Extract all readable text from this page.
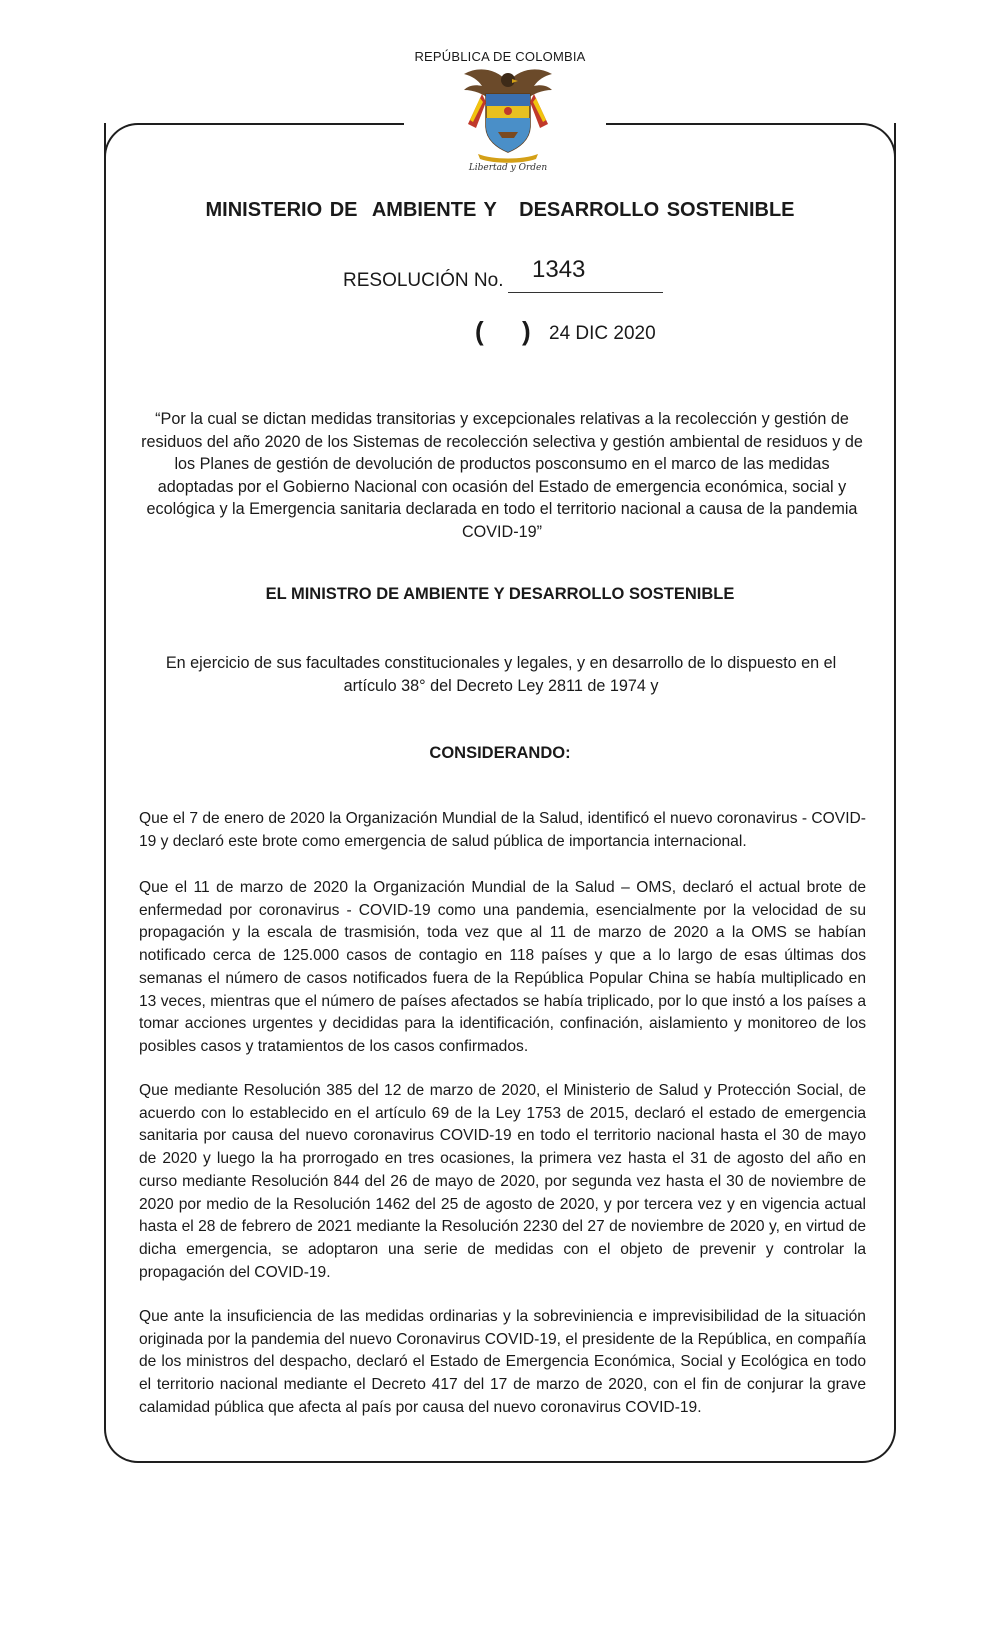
REPÚBLICA DE COLOMBIA
Libertad y Orden
MINISTERIO DE  AMBIENTE Y   DESARROLLO SOSTENIBLE
RESOLUCIÓN No. 1343
( ) 24 DIC 2020
“Por la cual se dictan medidas transitorias y excepcionales relativas a la recolección y gestión de residuos del año 2020 de los Sistemas de recolección selectiva y gestión ambiental de residuos y de los Planes de gestión de devolución de productos posconsumo en el marco de las medidas adoptadas por el Gobierno Nacional con ocasión del Estado de emergencia económica, social y ecológica y la Emergencia sanitaria declarada en todo el territorio nacional a causa de la pandemia COVID-19”
EL MINISTRO DE AMBIENTE Y DESARROLLO SOSTENIBLE
En ejercicio de sus facultades constitucionales y legales, y en desarrollo de lo dispuesto en el artículo 38° del Decreto Ley 2811 de 1974 y
CONSIDERANDO:
Que el 7 de enero de 2020 la Organización Mundial de la Salud, identificó el nuevo coronavirus - COVID-19 y declaró este brote como emergencia de salud pública de importancia internacional.
Que el 11 de marzo de 2020 la Organización Mundial de la Salud – OMS, declaró el actual brote de enfermedad por coronavirus - COVID-19 como una pandemia, esencialmente por la velocidad de su propagación y la escala de trasmisión, toda vez que al 11 de marzo de 2020 a la OMS se habían notificado cerca de 125.000 casos de contagio en 118 países y que a lo largo de esas últimas dos semanas el número de casos notificados fuera de la República Popular China se había multiplicado en 13 veces, mientras que el número de países afectados se había triplicado, por lo que instó a los países a tomar acciones urgentes y decididas para la identificación, confinación, aislamiento y monitoreo de los posibles casos y tratamientos de los casos confirmados.
Que mediante Resolución 385 del 12 de marzo de 2020, el Ministerio de Salud y Protección Social, de acuerdo con lo establecido en el artículo 69 de la Ley 1753 de 2015, declaró el estado de emergencia sanitaria por causa del nuevo coronavirus COVID-19 en todo el territorio nacional hasta el 30 de mayo de 2020 y luego la ha prorrogado en tres ocasiones, la primera vez hasta el 31 de agosto del año en curso mediante Resolución 844 del 26 de mayo de 2020, por segunda vez hasta el 30 de noviembre de 2020 por medio de la Resolución 1462 del 25 de agosto de 2020, y por tercera vez y en vigencia actual hasta el 28 de febrero de 2021 mediante la Resolución 2230 del 27 de noviembre de 2020 y, en virtud de dicha emergencia, se adoptaron una serie de medidas con el objeto de prevenir y controlar la propagación del COVID-19.
Que ante la insuficiencia de las medidas ordinarias y la sobreviniencia e imprevisibilidad de la situación originada por la pandemia del nuevo Coronavirus COVID-19, el presidente de la República, en compañía de los ministros del despacho, declaró el Estado de Emergencia Económica, Social y Ecológica en todo el territorio nacional mediante el Decreto 417 del 17 de marzo de 2020, con el fin de conjurar la grave calamidad pública que afecta al país por causa del nuevo coronavirus COVID-19.
